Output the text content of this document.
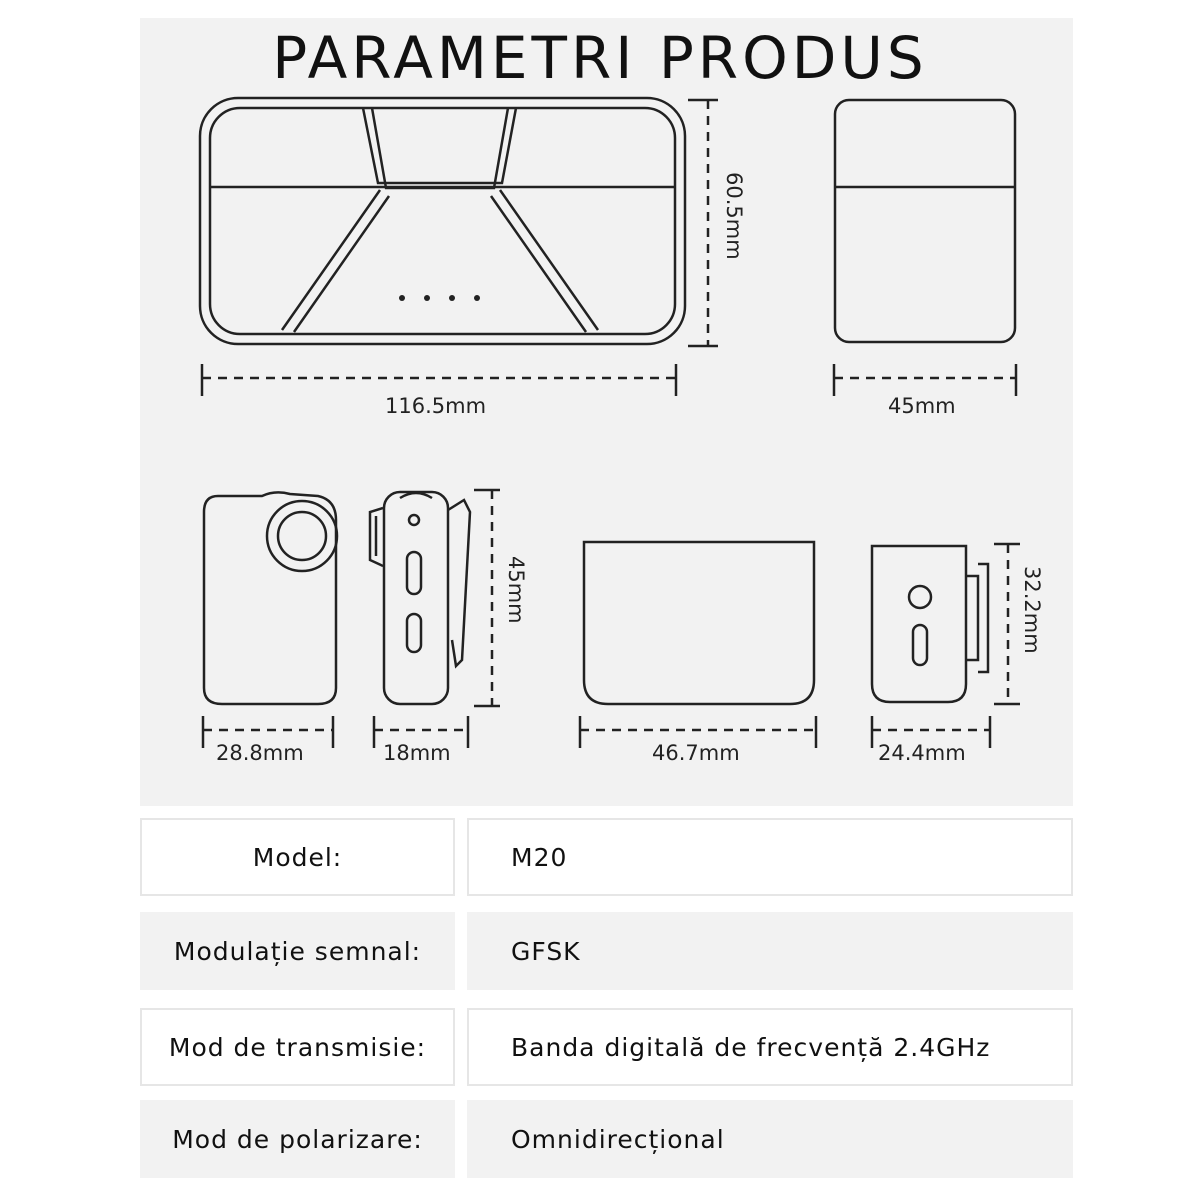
PARAMETRI PRODUS
60.5mm
116.5mm	45mm
28.8mm	18mm
45mm
46.7mm	24.4mm
32.2mm
Model:	M20
Modulație semnal:	GFSK
Mod de transmisie:	Banda digitală de frecvență 2.4GHz
Mod de polarizare:	Omnidirecțional
